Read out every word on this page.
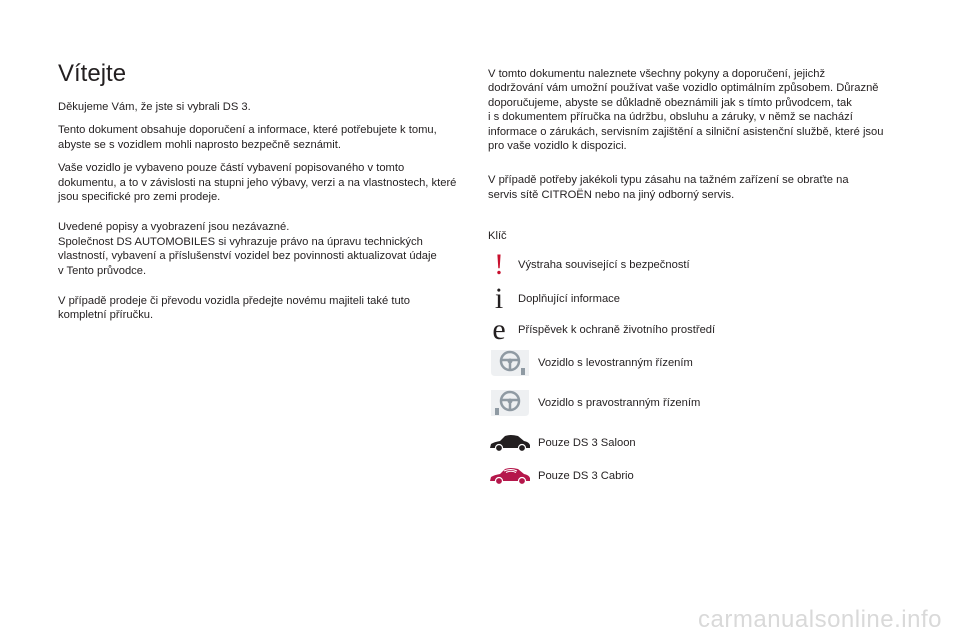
Vítejte

Děkujeme Vám, že jste si vybrali DS 3.

Tento dokument obsahuje doporučení a informace, které potřebujete k tomu,
abyste se s vozidlem mohli naprosto bezpečně seznámit.

Vaše vozidlo je vybaveno pouze částí vybavení popisovaného v tomto
dokumentu, a to v závislosti na stupni jeho výbavy, verzi a na vlastnostech, které
jsou specifické pro zemi prodeje.

Uvedené popisy a vyobrazení jsou nezávazné.
Společnost DS AUTOMOBILES si vyhrazuje právo na úpravu technických
vlastností, vybavení a příslušenství vozidel bez povinnosti aktualizovat údaje
v Tento průvodce.

V případě prodeje či převodu vozidla předejte novému majiteli také tuto
kompletní příručku.

V tomto dokumentu naleznete všechny pokyny a doporučení, jejichž
dodržování vám umožní používat vaše vozidlo optimálním způsobem. Důrazně
doporučujeme, abyste se důkladně obeznámili jak s tímto průvodcem, tak
i s dokumentem příručka na údržbu, obsluhu a záruky, v němž se nachází
informace o zárukách, servisním zajištění a silniční asistenční službě, které jsou
pro vaše vozidlo k dispozici.

V případě potřeby jakékoli typu zásahu na tažném zařízení se obraťte na
servis sítě CITROËN nebo na jiný odborný servis.

Klíč
!	Výstraha související s bezpečností
i	Doplňující informace
e	Příspěvek k ochraně životního prostředí
Vozidlo s levostranným řízením
Vozidlo s pravostranným řízením
Pouze DS 3 Saloon
Pouze DS 3 Cabrio
carmanualsonline.info
